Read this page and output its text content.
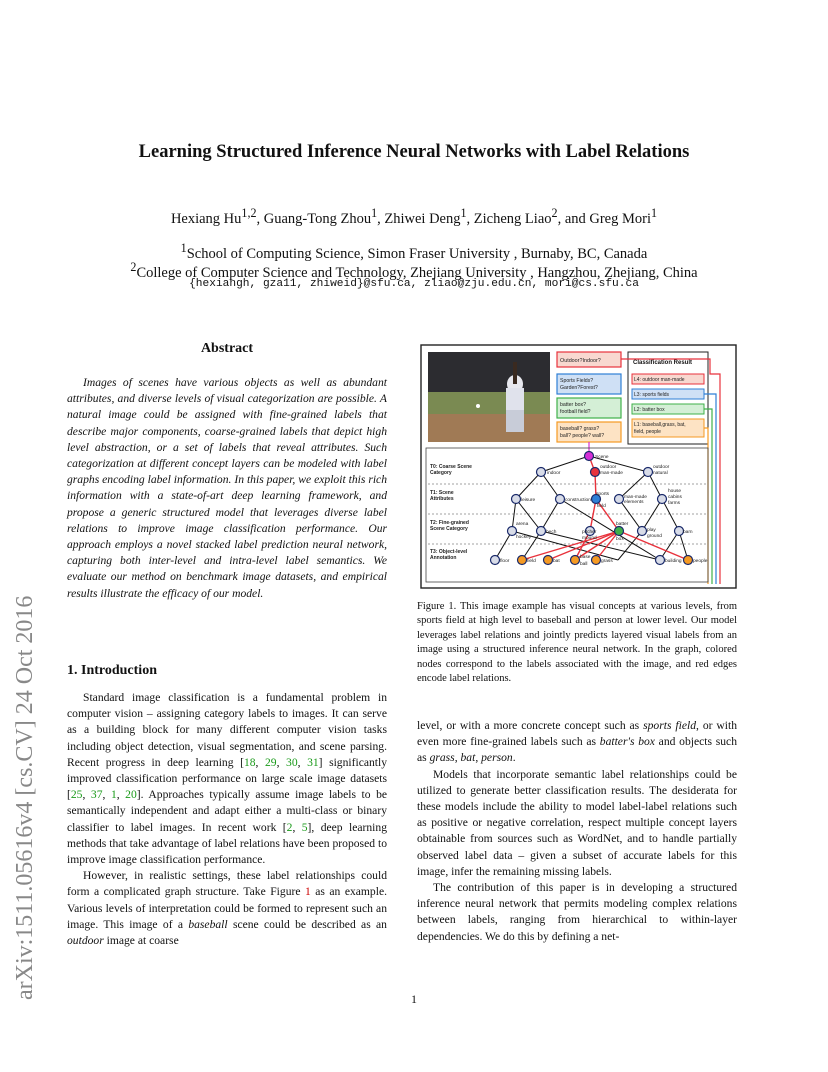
arXiv:1511.05616v4 [cs.CV] 24 Oct 2016
Learning Structured Inference Neural Networks with Label Relations
Hexiang Hu$^{1,2}$, Guang-Tong Zhou$^1$, Zhiwei Deng$^1$, Zicheng Liao$^2$, and Greg Mori$^1$
$^1$School of Computing Science, Simon Fraser University , Burnaby, BC, Canada
$^2$College of Computer Science and Technology, Zhejiang University , Hangzhou, Zhejiang, China
{hexiangh, gza11, zhiweid}@sfu.ca, zliao@zju.edu.cn, mori@cs.sfu.ca
Abstract

Images of scenes have various objects as well as abundant attributes, and diverse levels of visual categorization are possible. A natural image could be assigned with fine-grained labels that describe major components, coarse-grained labels that depict high level abstraction, or a set of labels that reveal attributes. Such categorization at different concept layers can be modeled with label graphs encoding label information. In this paper, we exploit this rich information with a state-of-art deep learning framework, and propose a generic structured model that leverages diverse label relations to improve image classification performance. Our approach employs a novel stacked label prediction neural network, capturing both inter-level and intra-level label semantics. We evaluate our method on benchmark image datasets, and empirical results illustrate the efficacy of our model.

1. Introduction

Standard image classification is a fundamental problem in computer vision – assigning category labels to images. It can serve as a building block for many different computer vision tasks including object detection, visual segmentation, and scene parsing. Recent progress in deep learning [18, 29, 30, 31] significantly improved classification performance on large scale image datasets [25, 37, 1, 20]. Approaches typically assume image labels to be semantically independent and adapt either a multi-class or binary classifier to label images. In recent work [2, 5], deep learning methods that take advantage of label relations have been proposed to improve image classification performance.

However, in realistic settings, these label relationships could form a complicated graph structure. Take Figure 1 as an example. Various levels of interpretation could be formed to represent such an image. This image of a baseball scene could be described as an outdoor image at coarse

Outdoor?Indoor?
Sports Fields?
Garden?Forest?
batter box?
football field?
baseball? grass?
ball? people? wall?
Classification Result
L4: outdoor man-made
L3: sports fields
L2: batter box
L1: baseball,grass, bat,
field, people
T0: Coarse Scene
Category
T1: Scene
Attributes
T2: Fine-grained
Scene Category
T3: Object-level
Annotation
Scene
indoor
outdoor
man-made
outdoor
natural
leisure	construction
sports
field
man-made
elements
house
cabins
farms
arena
hockey
bech	pitcher
mound
batter
box
play
ground
barn
floor	field	bat
base
ball
grass	building people
Figure 1. This image example has visual concepts at various levels, from sports field at high level to baseball and person at lower level. Our model leverages label relations and jointly predicts layered visual labels from an image using a structured inference neural network. In the graph, colored nodes correspond to the labels associated with the image, and red edges encode label relations.

level, or with a more concrete concept such as sports field, or with even more fine-grained labels such as batter's box and objects such as grass, bat, person.

Models that incorporate semantic label relationships could be utilized to generate better classification results. The desiderata for these models include the ability to model label-label relations such as positive or negative correlation, respect multiple concept layers obtainable from sources such as WordNet, and to handle partially observed label data – given a subset of accurate labels for this image, infer the remaining missing labels.

The contribution of this paper is in developing a structured inference neural network that permits modeling complex relations between labels, ranging from hierarchical to within-layer dependencies. We do this by defining a net-

1
